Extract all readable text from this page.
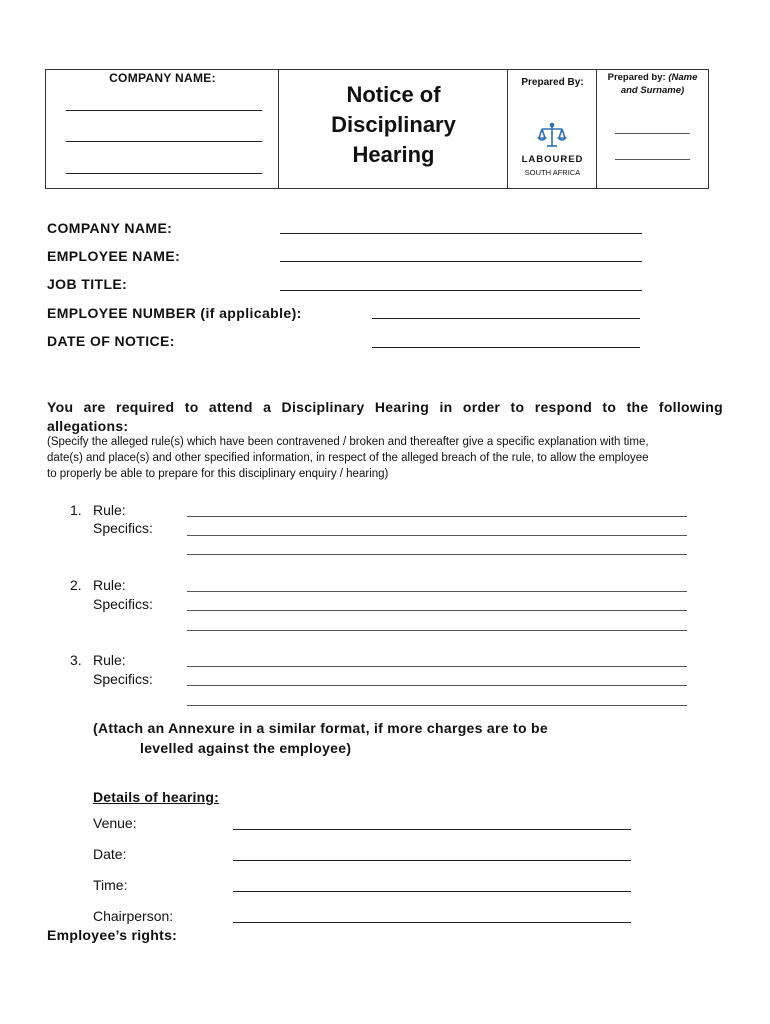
COMPANY NAME:
Notice of
Disciplinary
Hearing
Prepared By:
LABOURED
SOUTH AFRICA
Prepared by: (Name
and Surname)
COMPANY NAME:
EMPLOYEE NAME:
JOB TITLE:
EMPLOYEE NUMBER (if applicable):
DATE OF NOTICE:
You are required to attend a Disciplinary Hearing in order to respond to the following
allegations:
(Specify the alleged rule(s) which have been contravened / broken and thereafter give a specific explanation with time,
date(s) and place(s) and other specified information, in respect of the alleged breach of the rule, to allow the employee
to properly be able to prepare for this disciplinary enquiry / hearing)
1. Rule:
Specifics:
2. Rule:
Specifics:
3. Rule:
Specifics:
(Attach an Annexure in a similar format, if more charges are to be
levelled against the employee)
Details of hearing:
Venue:
Date:
Time:
Chairperson:
Employee’s rights:
